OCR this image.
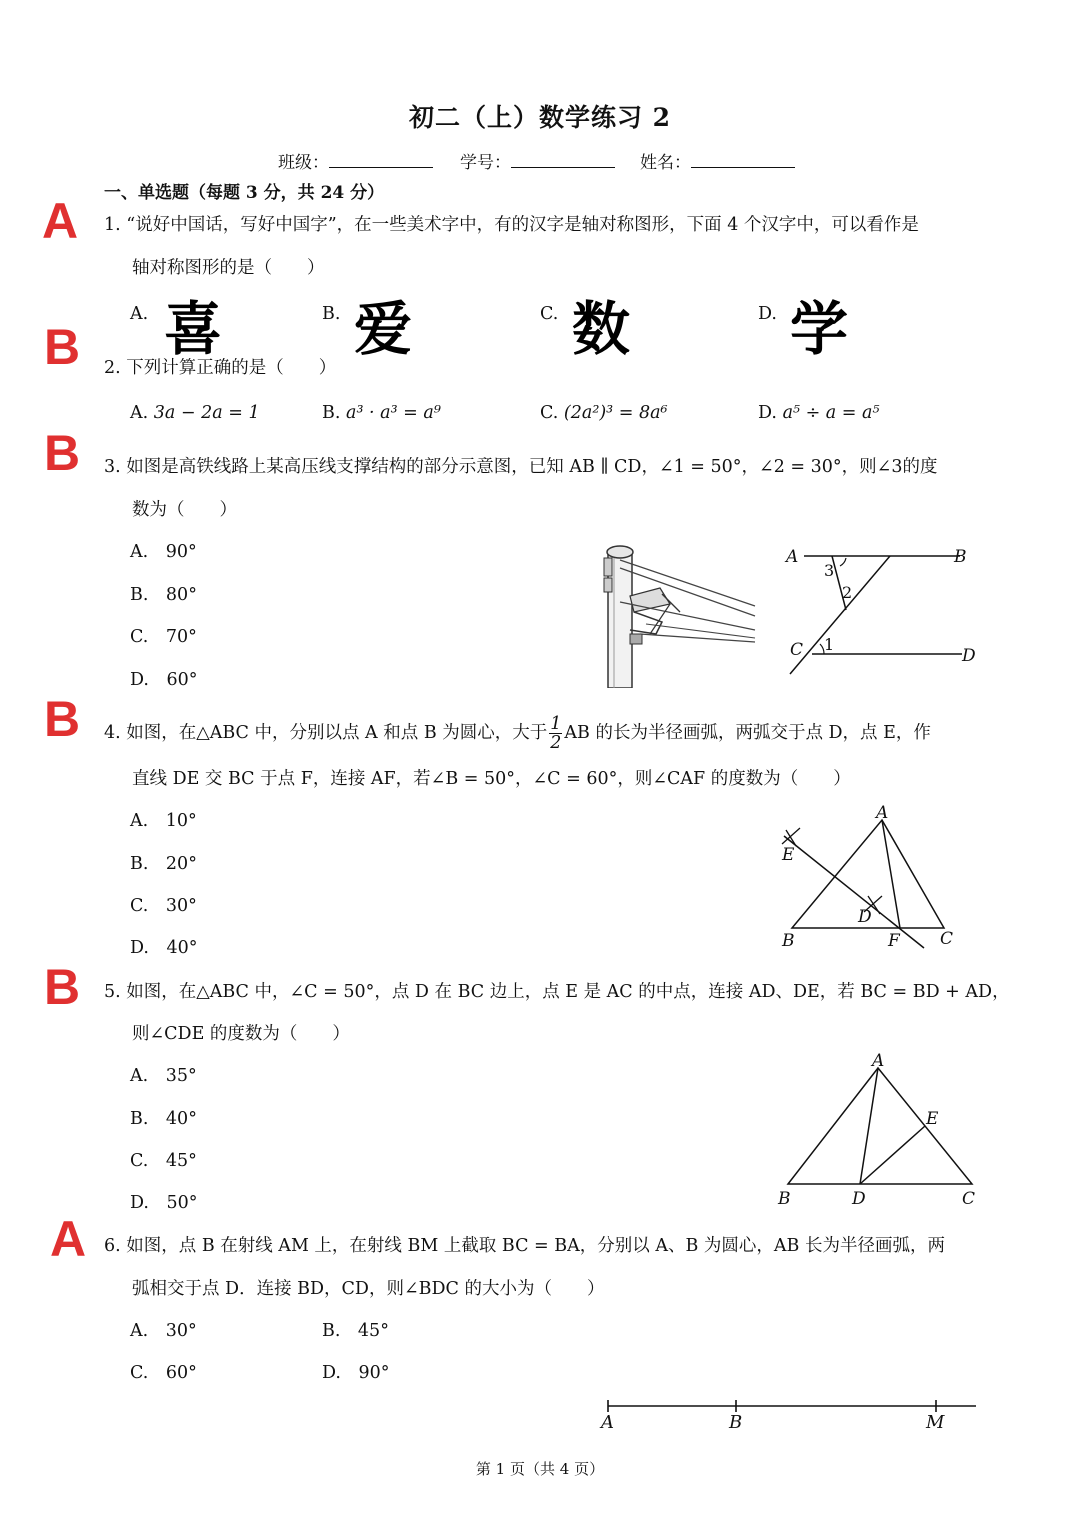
初二（上）数学练习 2
班级：	学号：	姓名：
一、单选题（每题 3 分，共 24 分）
A
B
B
B
B
A
1. “说好中国话，写好中国字”，在一些美术字中，有的汉字是轴对称图形，下面 4 个汉字中，可以看作是
轴对称图形的是（　　）
A. 喜	B. 爱	C. 数	D. 学
2. 下列计算正确的是（　　）
A. 3a − 2a = 1	B. a³ · a³ = a⁹	C. (2a²)³ = 8a⁶	D. a⁵ ÷ a = a⁵
3. 如图是高铁线路上某高压线支撑结构的部分示意图，已知 AB ∥ CD，∠1 = 50°，∠2 = 30°，则∠3的度
数为（　　）
A.　90°
B.　80°
C.　70°
D.　60°
A	B
C	D
1
2
3
4. 如图，在△ABC 中，分别以点 A 和点 B 为圆心，大于 $\frac{1}{2}$ AB 的长为半径画弧，两弧交于点 D，点 E，作
直线 DE 交 BC 于点 F，连接 AF，若∠B = 50°，∠C = 60°，则∠CAF 的度数为（　　）
A.　10°
B.　20°
C.　30°
D.　40°
A
B	C
D
E
F
5. 如图，在△ABC 中，∠C = 50°，点 D 在 BC 边上，点 E 是 AC 的中点，连接 AD、DE，若 BC = BD + AD，
则∠CDE 的度数为（　　）
A.　35°
B.　40°
C.　45°
D.　50°
A
B	C
D
E
6. 如图，点 B 在射线 AM 上，在射线 BM 上截取 BC = BA，分别以 A、B 为圆心，AB 长为半径画弧，两
弧相交于点 D．连接 BD，CD，则∠BDC 的大小为（　　）
A.　30°	B.　45°
C.　60°	D.　90°
A	B	M
第 1 页（共 4 页）
